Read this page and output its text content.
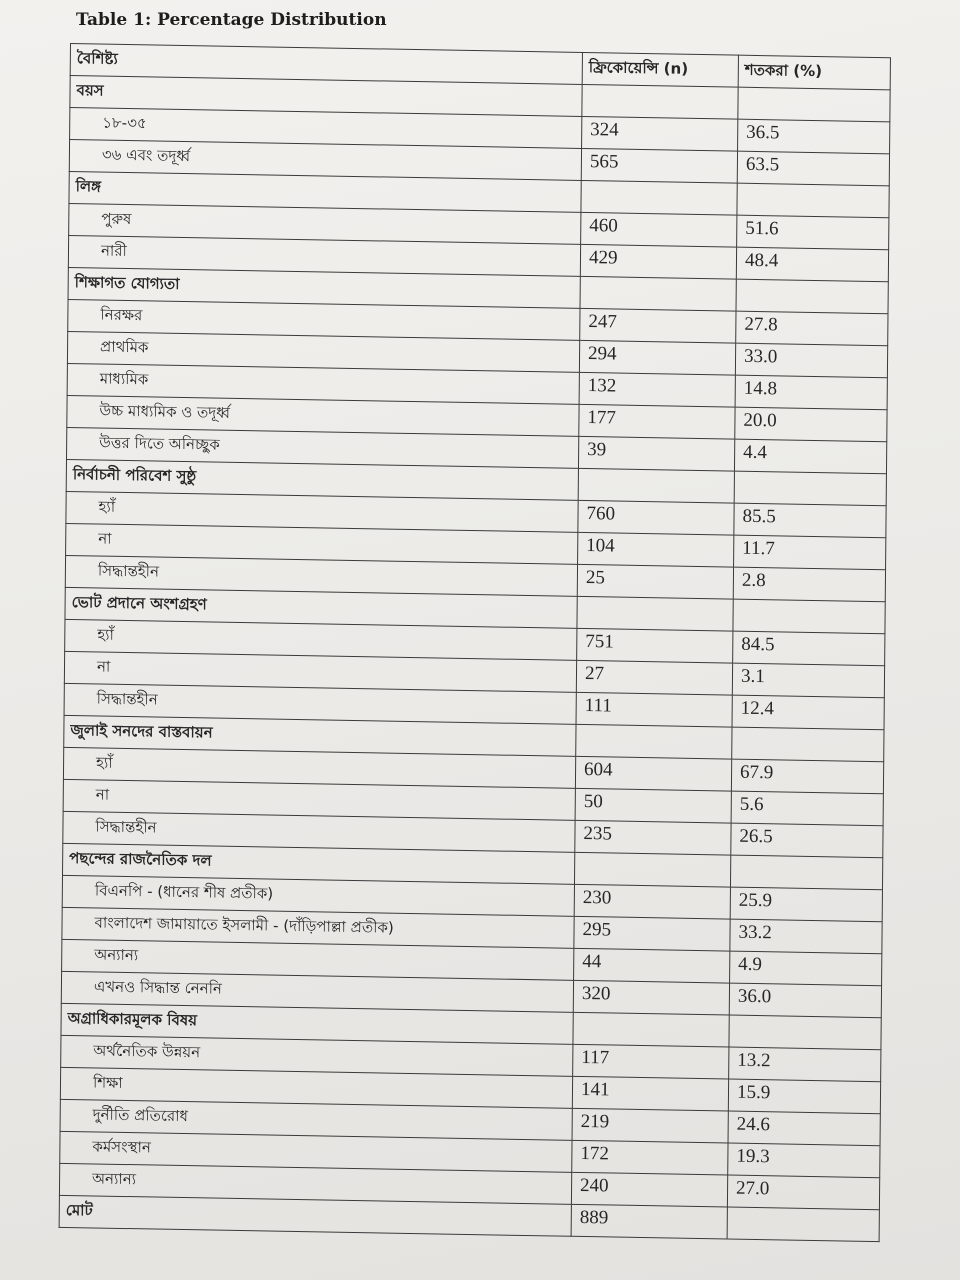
Table 1: Percentage Distribution
বৈশিষ্ট্য	ফ্রিকোয়েন্সি (n)	শতকরা (%)
বয়স		
১৮-৩৫	324	36.5
৩৬ এবং তদূর্ধ্ব	565	63.5
লিঙ্গ		
পুরুষ	460	51.6
নারী	429	48.4
শিক্ষাগত যোগ্যতা		
নিরক্ষর	247	27.8
প্রাথমিক	294	33.0
মাধ্যমিক	132	14.8
উচ্চ মাধ্যমিক ও তদূর্ধ্ব	177	20.0
উত্তর দিতে অনিচ্ছুক	39	4.4
নির্বাচনী পরিবেশ সুষ্ঠু		
হ্যাঁ	760	85.5
না	104	11.7
সিদ্ধান্তহীন	25	2.8
ভোট প্রদানে অংশগ্রহণ		
হ্যাঁ	751	84.5
না	27	3.1
সিদ্ধান্তহীন	111	12.4
জুলাই সনদের বাস্তবায়ন		
হ্যাঁ	604	67.9
না	50	5.6
সিদ্ধান্তহীন	235	26.5
পছন্দের রাজনৈতিক দল		
বিএনপি - (ধানের শীষ প্রতীক)	230	25.9
বাংলাদেশ জামায়াতে ইসলামী - (দাঁড়িপাল্লা প্রতীক)	295	33.2
অন্যান্য	44	4.9
এখনও সিদ্ধান্ত নেননি	320	36.0
অগ্রাধিকারমূলক বিষয়		
অর্থনৈতিক উন্নয়ন	117	13.2
শিক্ষা	141	15.9
দুর্নীতি প্রতিরোধ	219	24.6
কর্মসংস্থান	172	19.3
অন্যান্য	240	27.0
মোট	889	
